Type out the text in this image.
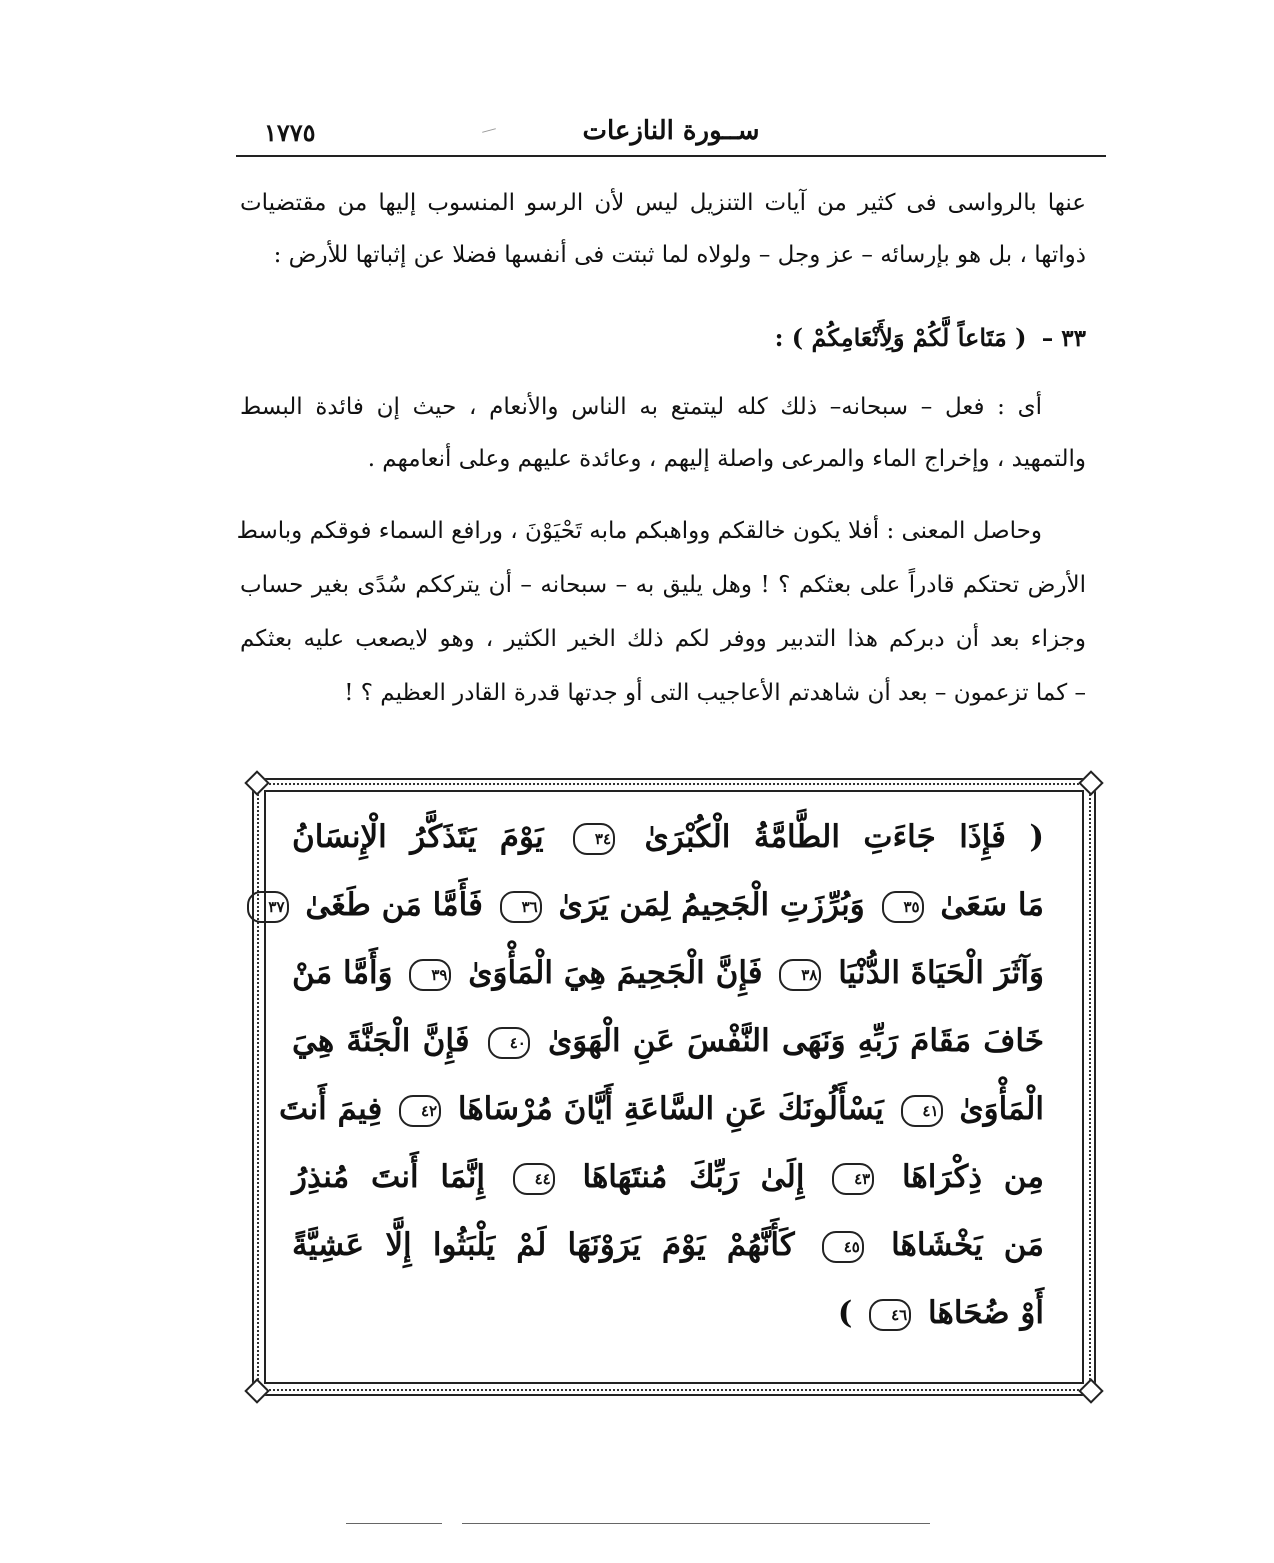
١٧٧٥	ســورة النازعات
عنها بالرواسى فى كثير من آيات التنزيل ليس لأن الرسو المنسوب إليها من مقتضيات
ذواتها ، بل هو بإرسائه – عز وجل – ولولاه لما ثبتت فى أنفسها فضلا عن إثباتها للأرض :
٣٣ – ( مَتَاعاً لَّكُمْ وَلِأَنْعَامِكُمْ ) :
أى : فعل – سبحانه– ذلك كله ليتمتع به الناس والأنعام ، حيث إن فائدة البسط
والتمهيد ، وإخراج الماء والمرعى واصلة إليهم ، وعائدة عليهم وعلى أنعامهم .
وحاصل المعنى : أفلا يكون خالقكم وواهبكم مابه تَحْيَوْنَ ، ورافع السماء فوقكم وباسط
الأرض تحتكم قادراً على بعثكم ؟ ! وهل يليق به – سبحانه – أن يترككم سُدًى بغير حساب
وجزاء بعد أن دبركم هذا التدبير ووفر لكم ذلك الخير الكثير ، وهو لايصعب عليه بعثكم
– كما تزعمون – بعد أن شاهدتم الأعاجيب التى أو جدتها قدرة القادر العظيم ؟ !
( فَإِذَا جَاءَتِ الطَّامَّةُ الْكُبْرَىٰ ٣٤ يَوْمَ يَتَذَكَّرُ الْإِنسَانُ
مَا سَعَىٰ ٣٥ وَبُرِّزَتِ الْجَحِيمُ لِمَن يَرَىٰ ٣٦ فَأَمَّا مَن طَغَىٰ ٣٧
وَآثَرَ الْحَيَاةَ الدُّنْيَا ٣٨ فَإِنَّ الْجَحِيمَ هِيَ الْمَأْوَىٰ ٣٩ وَأَمَّا مَنْ
خَافَ مَقَامَ رَبِّهِ وَنَهَى النَّفْسَ عَنِ الْهَوَىٰ ٤٠ فَإِنَّ الْجَنَّةَ هِيَ
الْمَأْوَىٰ ٤١ يَسْأَلُونَكَ عَنِ السَّاعَةِ أَيَّانَ مُرْسَاهَا ٤٢ فِيمَ أَنتَ
مِن ذِكْرَاهَا ٤٣ إِلَىٰ رَبِّكَ مُنتَهَاهَا ٤٤ إِنَّمَا أَنتَ مُنذِرُ
مَن يَخْشَاهَا ٤٥ كَأَنَّهُمْ يَوْمَ يَرَوْنَهَا لَمْ يَلْبَثُوا إِلَّا عَشِيَّةً
أَوْ ضُحَاهَا ٤٦ )
